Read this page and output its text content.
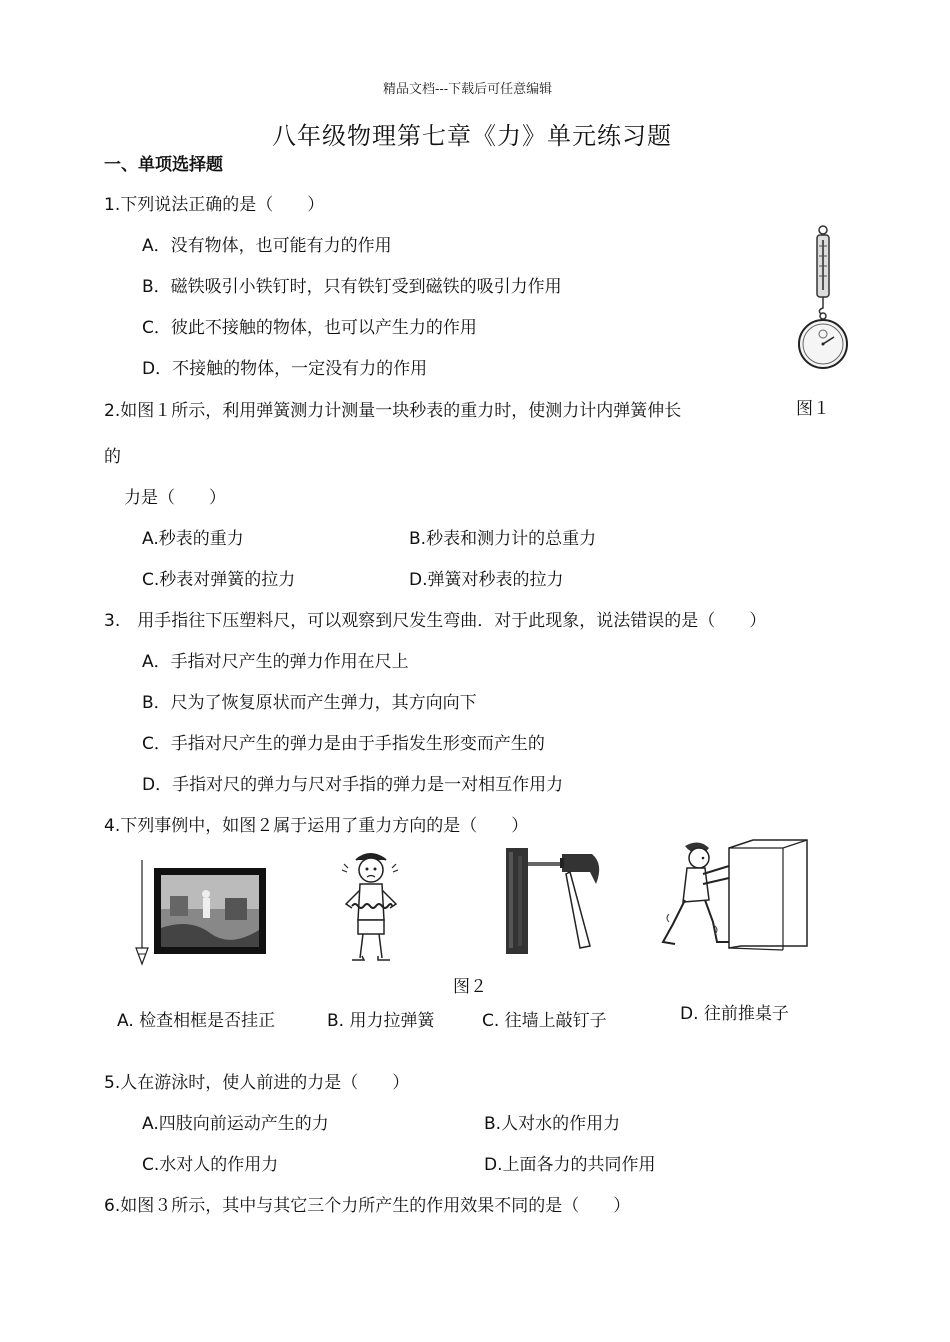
精品文档---下载后可任意编辑
八年级物理第七章《力》单元练习题
一、单项选择题
1.下列说法正确的是（　　）
A．没有物体，也可能有力的作用
B．磁铁吸引小铁钉时，只有铁钉受到磁铁的吸引力作用
C．彼此不接触的物体，也可以产生力的作用
D．不接触的物体，一定没有力的作用
图１
2.如图１所示，利用弹簧测力计测量一块秒表的重力时，使测力计内弹簧伸长
的
力是（　　）
A.秒表的重力	B.秒表和测力计的总重力
C.秒表对弹簧的拉力	D.弹簧对秒表的拉力
3.　用手指往下压塑料尺，可以观察到尺发生弯曲．对于此现象，说法错误的是（　　）
A．手指对尺产生的弹力作用在尺上
B．尺为了恢复原状而产生弹力，其方向向下
C．手指对尺产生的弹力是由于手指发生形变而产生的
D．手指对尺的弹力与尺对手指的弹力是一对相互作用力
4.下列事例中，如图２属于运用了重力方向的是（　　）
图２
A. 检查相框是否挂正	B. 用力拉弹簧	C. 往墙上敲钉子	D. 往前推桌子
5.人在游泳时，使人前进的力是（　　）
A.四肢向前运动产生的力	B.人对水的作用力
C.水对人的作用力	D.上面各力的共同作用
6.如图３所示，其中与其它三个力所产生的作用效果不同的是（　　）
